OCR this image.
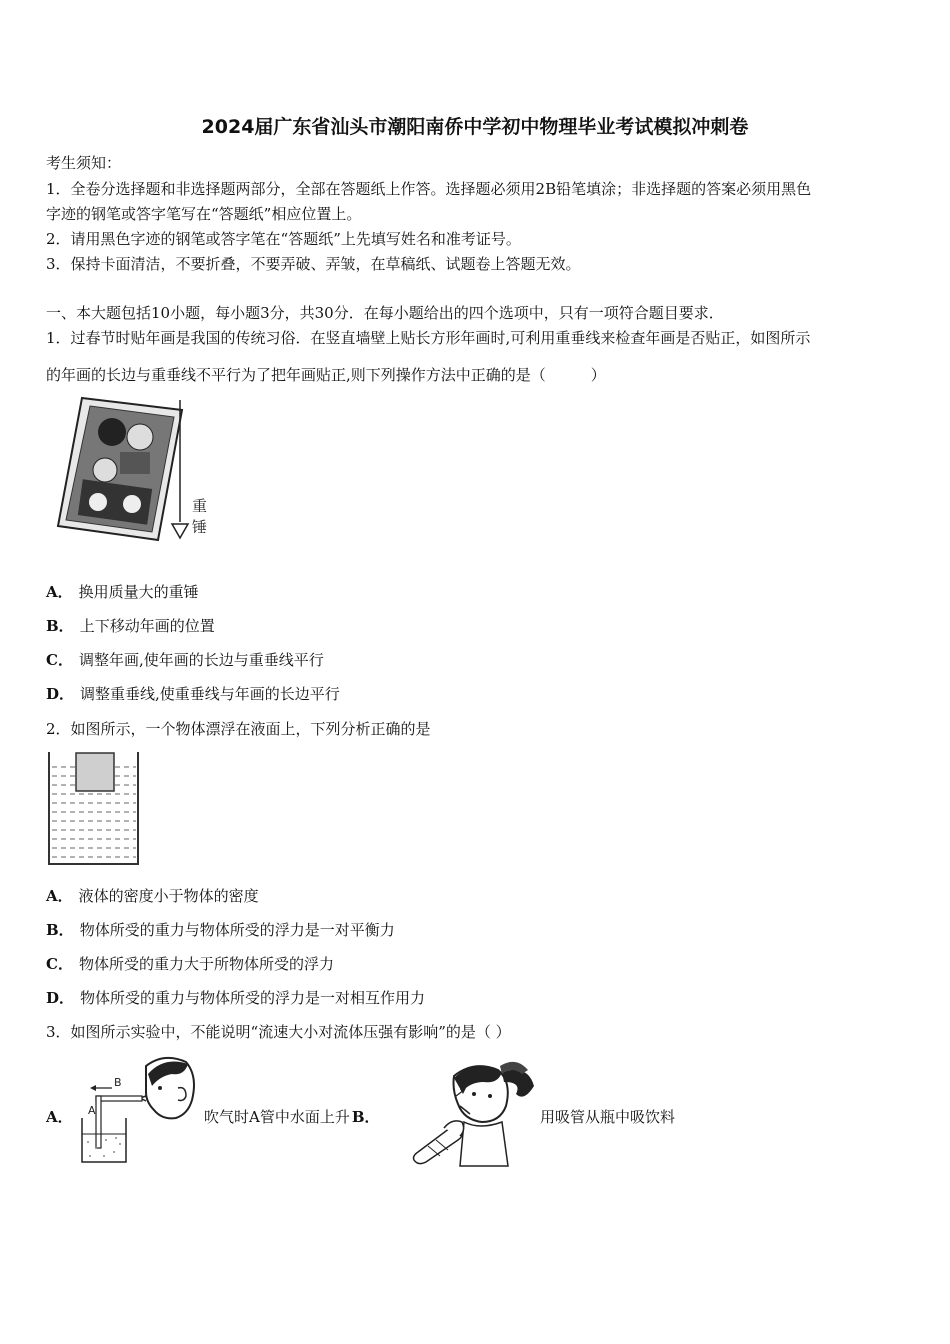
2024届广东省汕头市潮阳南侨中学初中物理毕业考试模拟冲刺卷
考生须知：
1．全卷分选择题和非选择题两部分，全部在答题纸上作答。选择题必须用2B铅笔填涂；非选择题的答案必须用黑色
字迹的钢笔或答字笔写在“答题纸”相应位置上。
2．请用黑色字迹的钢笔或答字笔在“答题纸”上先填写姓名和准考证号。
3．保持卡面清洁，不要折叠，不要弄破、弄皱，在草稿纸、试题卷上答题无效。
一、本大题包括10小题，每小题3分，共30分．在每小题给出的四个选项中，只有一项符合题目要求．
1．过春节时贴年画是我国的传统习俗．在竖直墙壁上贴长方形年画时,可利用重垂线来检查年画是否贴正，如图所示
的年画的长边与重垂线不平行为了把年画贴正,则下列操作方法中正确的是（　　　）
重
锤
A． 换用质量大的重锤
B． 上下移动年画的位置
C． 调整年画,使年画的长边与重垂线平行
D． 调整重垂线,使重垂线与年画的长边平行
2．如图所示，一个物体漂浮在液面上，下列分析正确的是
A． 液体的密度小于物体的密度
B． 物体所受的重力与物体所受的浮力是一对平衡力
C． 物体所受的重力大于所物体所受的浮力
D． 物体所受的重力与物体所受的浮力是一对相互作用力
3．如图所示实验中，不能说明“流速大小对流体压强有影响”的是（ ）
A．
B
A	吹气时A管中水面上升 B．	用吸管从瓶中吸饮料
